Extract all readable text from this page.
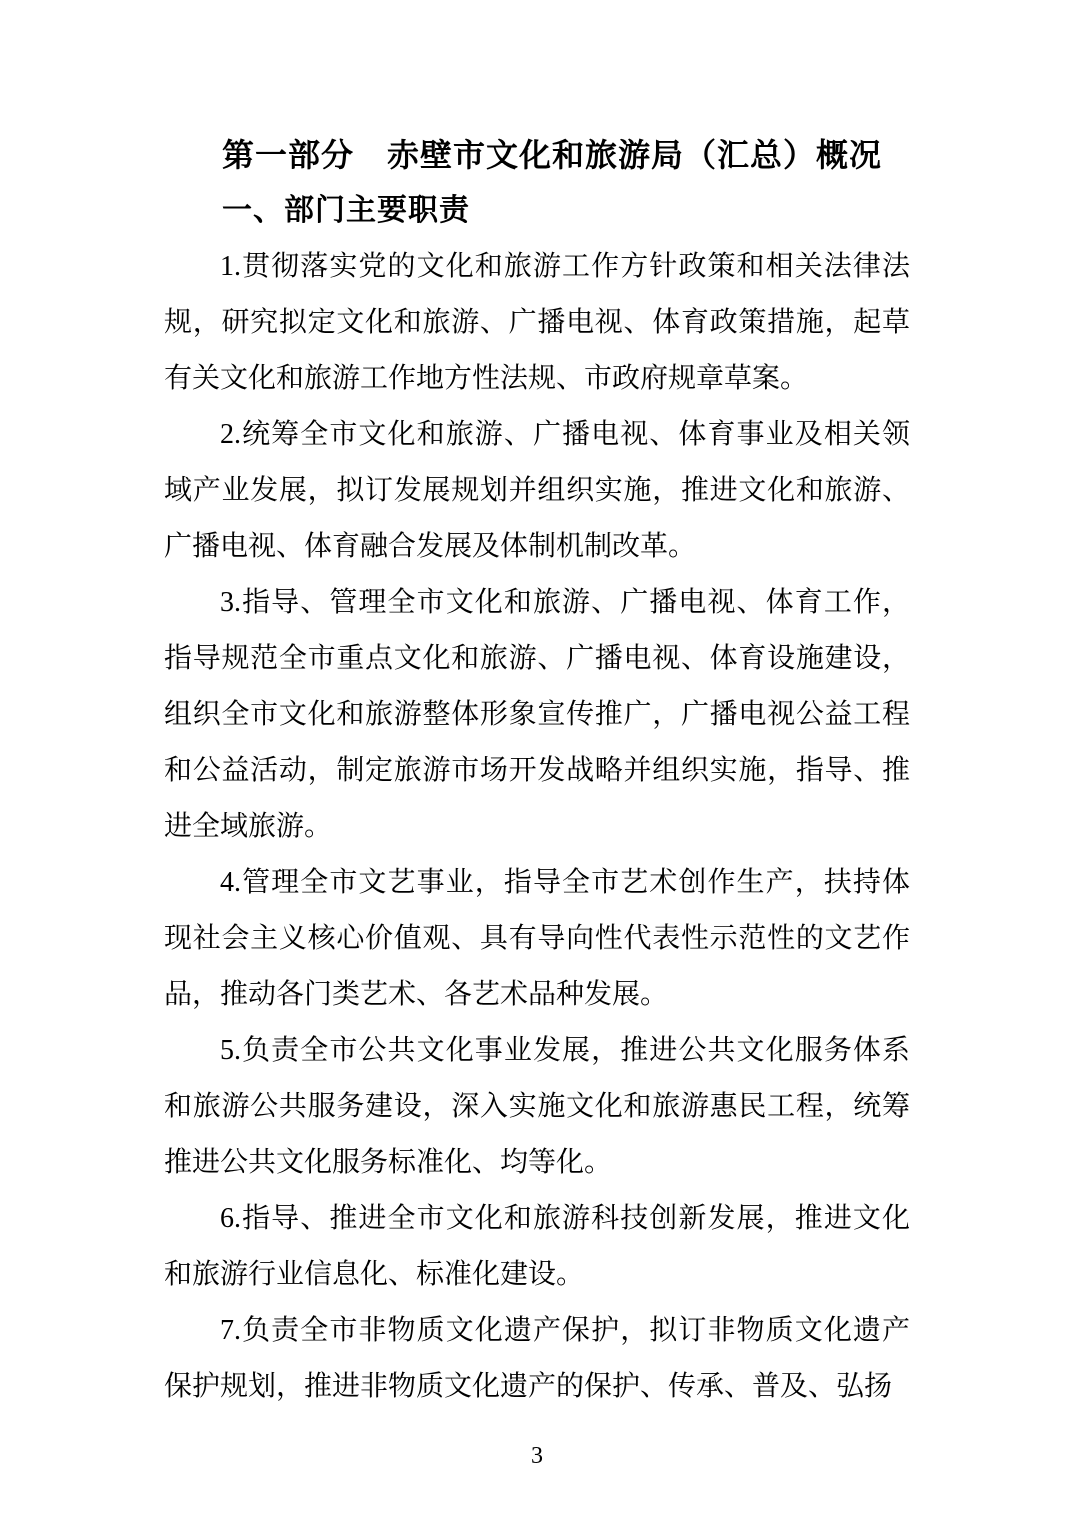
第一部分　赤壁市文化和旅游局（汇总）概况
一、部门主要职责

1.贯彻落实党的文化和旅游工作方针政策和相关法律法规，研究拟定文化和旅游、广播电视、体育政策措施，起草有关文化和旅游工作地方性法规、市政府规章草案。

2.统筹全市文化和旅游、广播电视、体育事业及相关领域产业发展，拟订发展规划并组织实施，推进文化和旅游、广播电视、体育融合发展及体制机制改革。

3.指导、管理全市文化和旅游、广播电视、体育工作，指导规范全市重点文化和旅游、广播电视、体育设施建设，组织全市文化和旅游整体形象宣传推广，广播电视公益工程和公益活动，制定旅游市场开发战略并组织实施，指导、推进全域旅游。

4.管理全市文艺事业，指导全市艺术创作生产，扶持体现社会主义核心价值观、具有导向性代表性示范性的文艺作品，推动各门类艺术、各艺术品种发展。

5.负责全市公共文化事业发展，推进公共文化服务体系和旅游公共服务建设，深入实施文化和旅游惠民工程，统筹推进公共文化服务标准化、均等化。

6.指导、推进全市文化和旅游科技创新发展，推进文化和旅游行业信息化、标准化建设。

7.负责全市非物质文化遗产保护，拟订非物质文化遗产保护规划，推进非物质文化遗产的保护、传承、普及、弘扬

3
